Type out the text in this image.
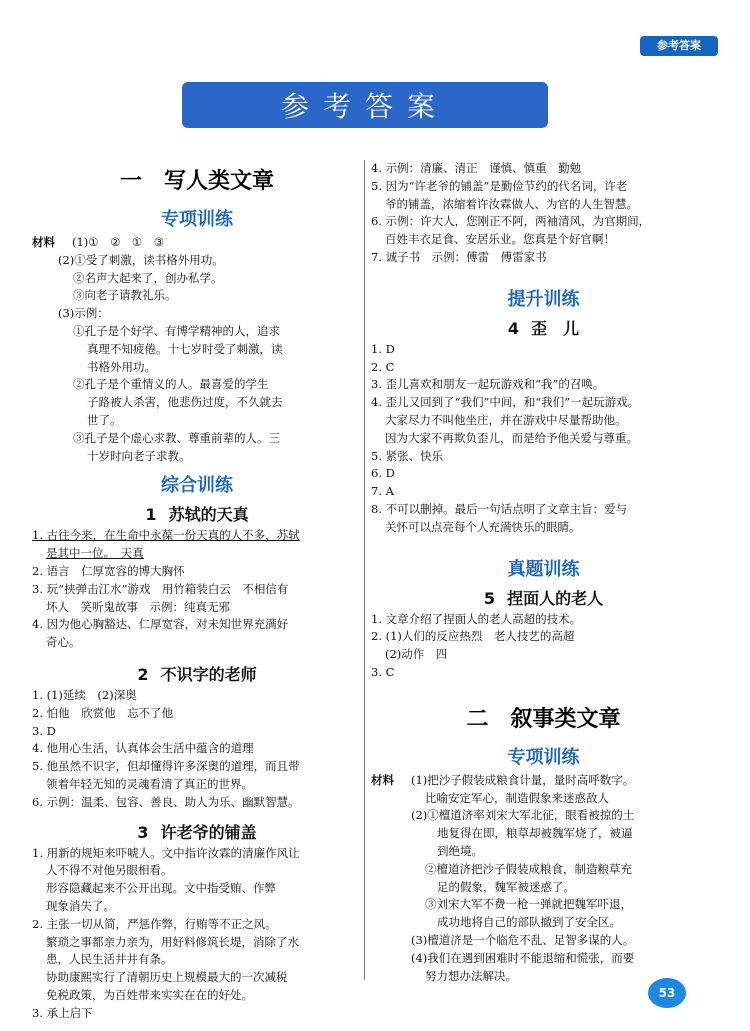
参考答案
参考答案
一 写人类文章
专项训练
材料 (1)①　②　①　③
(2)①受了刺激，读书格外用功。
②名声大起来了，创办私学。
③向老子请教礼乐。
(3)示例：
①孔子是个好学、有博学精神的人，追求
真理不知疲倦。十七岁时受了刺激，读
书格外用功。
②孔子是个重情义的人。最喜爱的学生
子路被人杀害，他悲伤过度，不久就去
世了。
③孔子是个虚心求教、尊重前辈的人。三
十岁时向老子求教。
综合训练
1 苏轼的天真
1. 古往今来，在生命中永葆一份天真的人不多，苏轼
是其中一位。　天真
2. 语言　仁厚宽容的博大胸怀
3. 玩“挟弹击江水”游戏　用竹箱装白云　不相信有
坏人　笑听鬼故事　示例：纯真无邪
4. 因为他心胸豁达、仁厚宽容，对未知世界充满好
奇心。
2 不识字的老师
1. (1)延续　(2)深奥
2. 怕他　欣赏他　忘不了他
3. D
4. 他用心生活，认真体会生活中蕴含的道理
5. 他虽然不识字，但却懂得许多深奥的道理，而且带
领着年轻无知的灵魂看清了真正的世界。
6. 示例：温柔、包容、善良、助人为乐、幽默智慧。
3 许老爷的铺盖
1. 用新的规矩来吓唬人。文中指许汝霖的清廉作风让
人不得不对他另眼相看。
形容隐藏起来不公开出现。文中指受贿、作弊
现象消失了。
2. 主张一切从简，严惩作弊，行贿等不正之风。
繁琐之事都亲力亲为，用好料修筑长堤，消除了水
患，人民生活井井有条。
协助康熙实行了清朝历史上规模最大的一次减税
免税政策，为百姓带来实实在在的好处。
3. 承上启下
4. 示例：清廉、清正　谨慎、慎重　勤勉
5. 因为“许老爷的铺盖”是勤俭节约的代名词，许老
爷的铺盖，浓缩着许汝霖做人、为官的人生智慧。
6. 示例：许大人，您刚正不阿，两袖清风，为官期间，
百姓丰衣足食、安居乐业。您真是个好官啊！
7. 诚子书　示例：傅雷　傅雷家书
提升训练
4 歪　儿
1. D
2. C
3. 歪儿喜欢和朋友一起玩游戏和“我”的召唤。
4. 歪儿又回到了“我们”中间，和“我们”一起玩游戏。
大家尽力不叫他坐庄，并在游戏中尽量帮助他。
因为大家不再欺负歪儿，而是给予他关爱与尊重。
5. 紧张、快乐
6. D
7. A
8. 不可以删掉。最后一句话点明了文章主旨：爱与
关怀可以点亮每个人充满快乐的眼睛。
真题训练
5 捏面人的老人
1. 文章介绍了捏面人的老人高超的技术。
2. (1)人们的反应热烈　老人技艺的高超
(2)动作　四
3. C
二 叙事类文章
专项训练
材料 (1)把沙子假装成粮食计量，量时高呼数字。
比喻安定军心，制造假象来迷惑敌人
(2)①檀道济率刘宋大军北征，眼看被掠的土
地复得在即，粮草却被魏军烧了，被逼
到绝境。
②檀道济把沙子假装成粮食，制造粮草充
足的假象，魏军被迷惑了。
③刘宋大军不费一枪一弹就把魏军吓退，
成功地将自己的部队撤到了安全区。
(3)檀道济是一个临危不乱、足智多谋的人。
(4)我们在遇到困难时不能退缩和慌张，而要
努力想办法解决。
53
